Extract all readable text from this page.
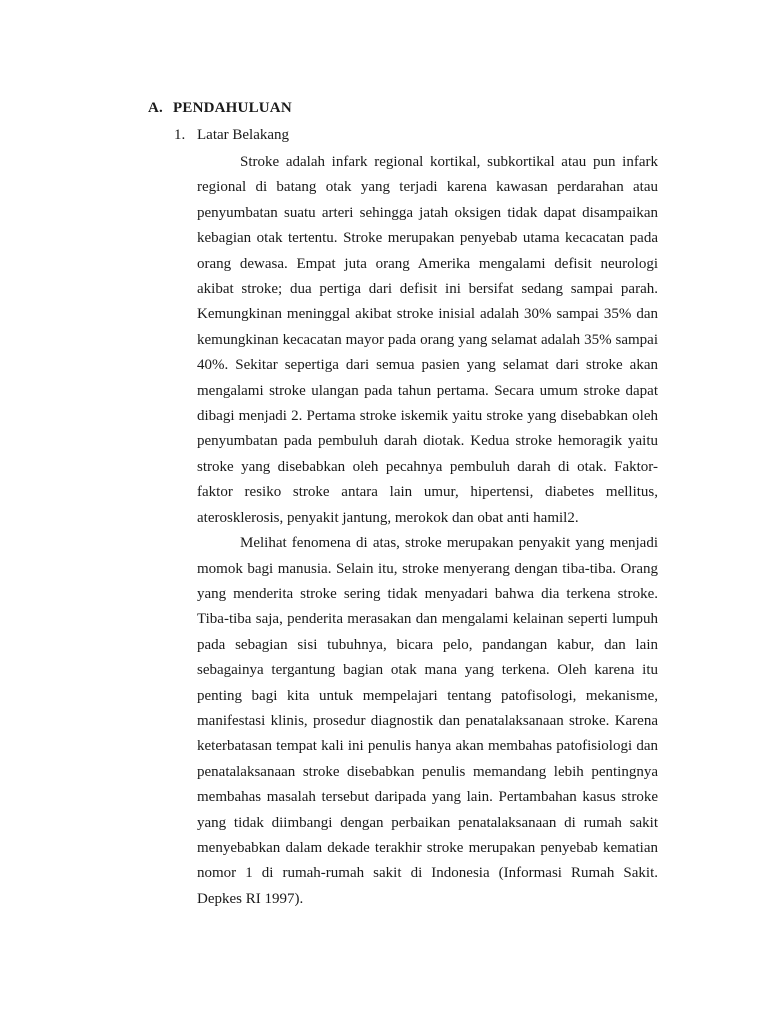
A. PENDAHULUAN
1. Latar Belakang

Stroke adalah infark regional kortikal, subkortikal atau pun infark regional di batang otak yang terjadi karena kawasan perdarahan atau penyumbatan suatu arteri sehingga jatah oksigen tidak dapat disampaikan kebagian otak tertentu. Stroke merupakan penyebab utama kecacatan pada orang dewasa. Empat juta orang Amerika mengalami defisit neurologi akibat stroke; dua pertiga dari defisit ini bersifat sedang sampai parah. Kemungkinan meninggal akibat stroke inisial adalah 30% sampai 35% dan kemungkinan kecacatan mayor pada orang yang selamat adalah 35% sampai 40%. Sekitar sepertiga dari semua pasien yang selamat dari stroke akan mengalami stroke ulangan pada tahun pertama. Secara umum stroke dapat dibagi menjadi 2. Pertama stroke iskemik yaitu stroke yang disebabkan oleh penyumbatan pada pembuluh darah diotak. Kedua stroke hemoragik yaitu stroke yang disebabkan oleh pecahnya pembuluh darah di otak. Faktor-faktor resiko stroke antara lain umur, hipertensi, diabetes mellitus, aterosklerosis, penyakit jantung, merokok dan obat anti hamil2.

Melihat fenomena di atas, stroke merupakan penyakit yang menjadi momok bagi manusia. Selain itu, stroke menyerang dengan tiba-tiba. Orang yang menderita stroke sering tidak menyadari bahwa dia terkena stroke. Tiba-tiba saja, penderita merasakan dan mengalami kelainan seperti lumpuh pada sebagian sisi tubuhnya, bicara pelo, pandangan kabur, dan lain sebagainya tergantung bagian otak mana yang terkena. Oleh karena itu penting bagi kita untuk mempelajari tentang patofisologi, mekanisme, manifestasi klinis, prosedur diagnostik dan penatalaksanaan stroke. Karena keterbatasan tempat kali ini penulis hanya akan membahas patofisiologi dan penatalaksanaan stroke disebabkan penulis memandang lebih pentingnya membahas masalah tersebut daripada yang lain. Pertambahan kasus stroke yang tidak diimbangi dengan perbaikan penatalaksanaan di rumah sakit menyebabkan dalam dekade terakhir stroke merupakan penyebab kematian nomor 1 di rumah-rumah sakit di Indonesia (Informasi Rumah Sakit. Depkes RI 1997).
